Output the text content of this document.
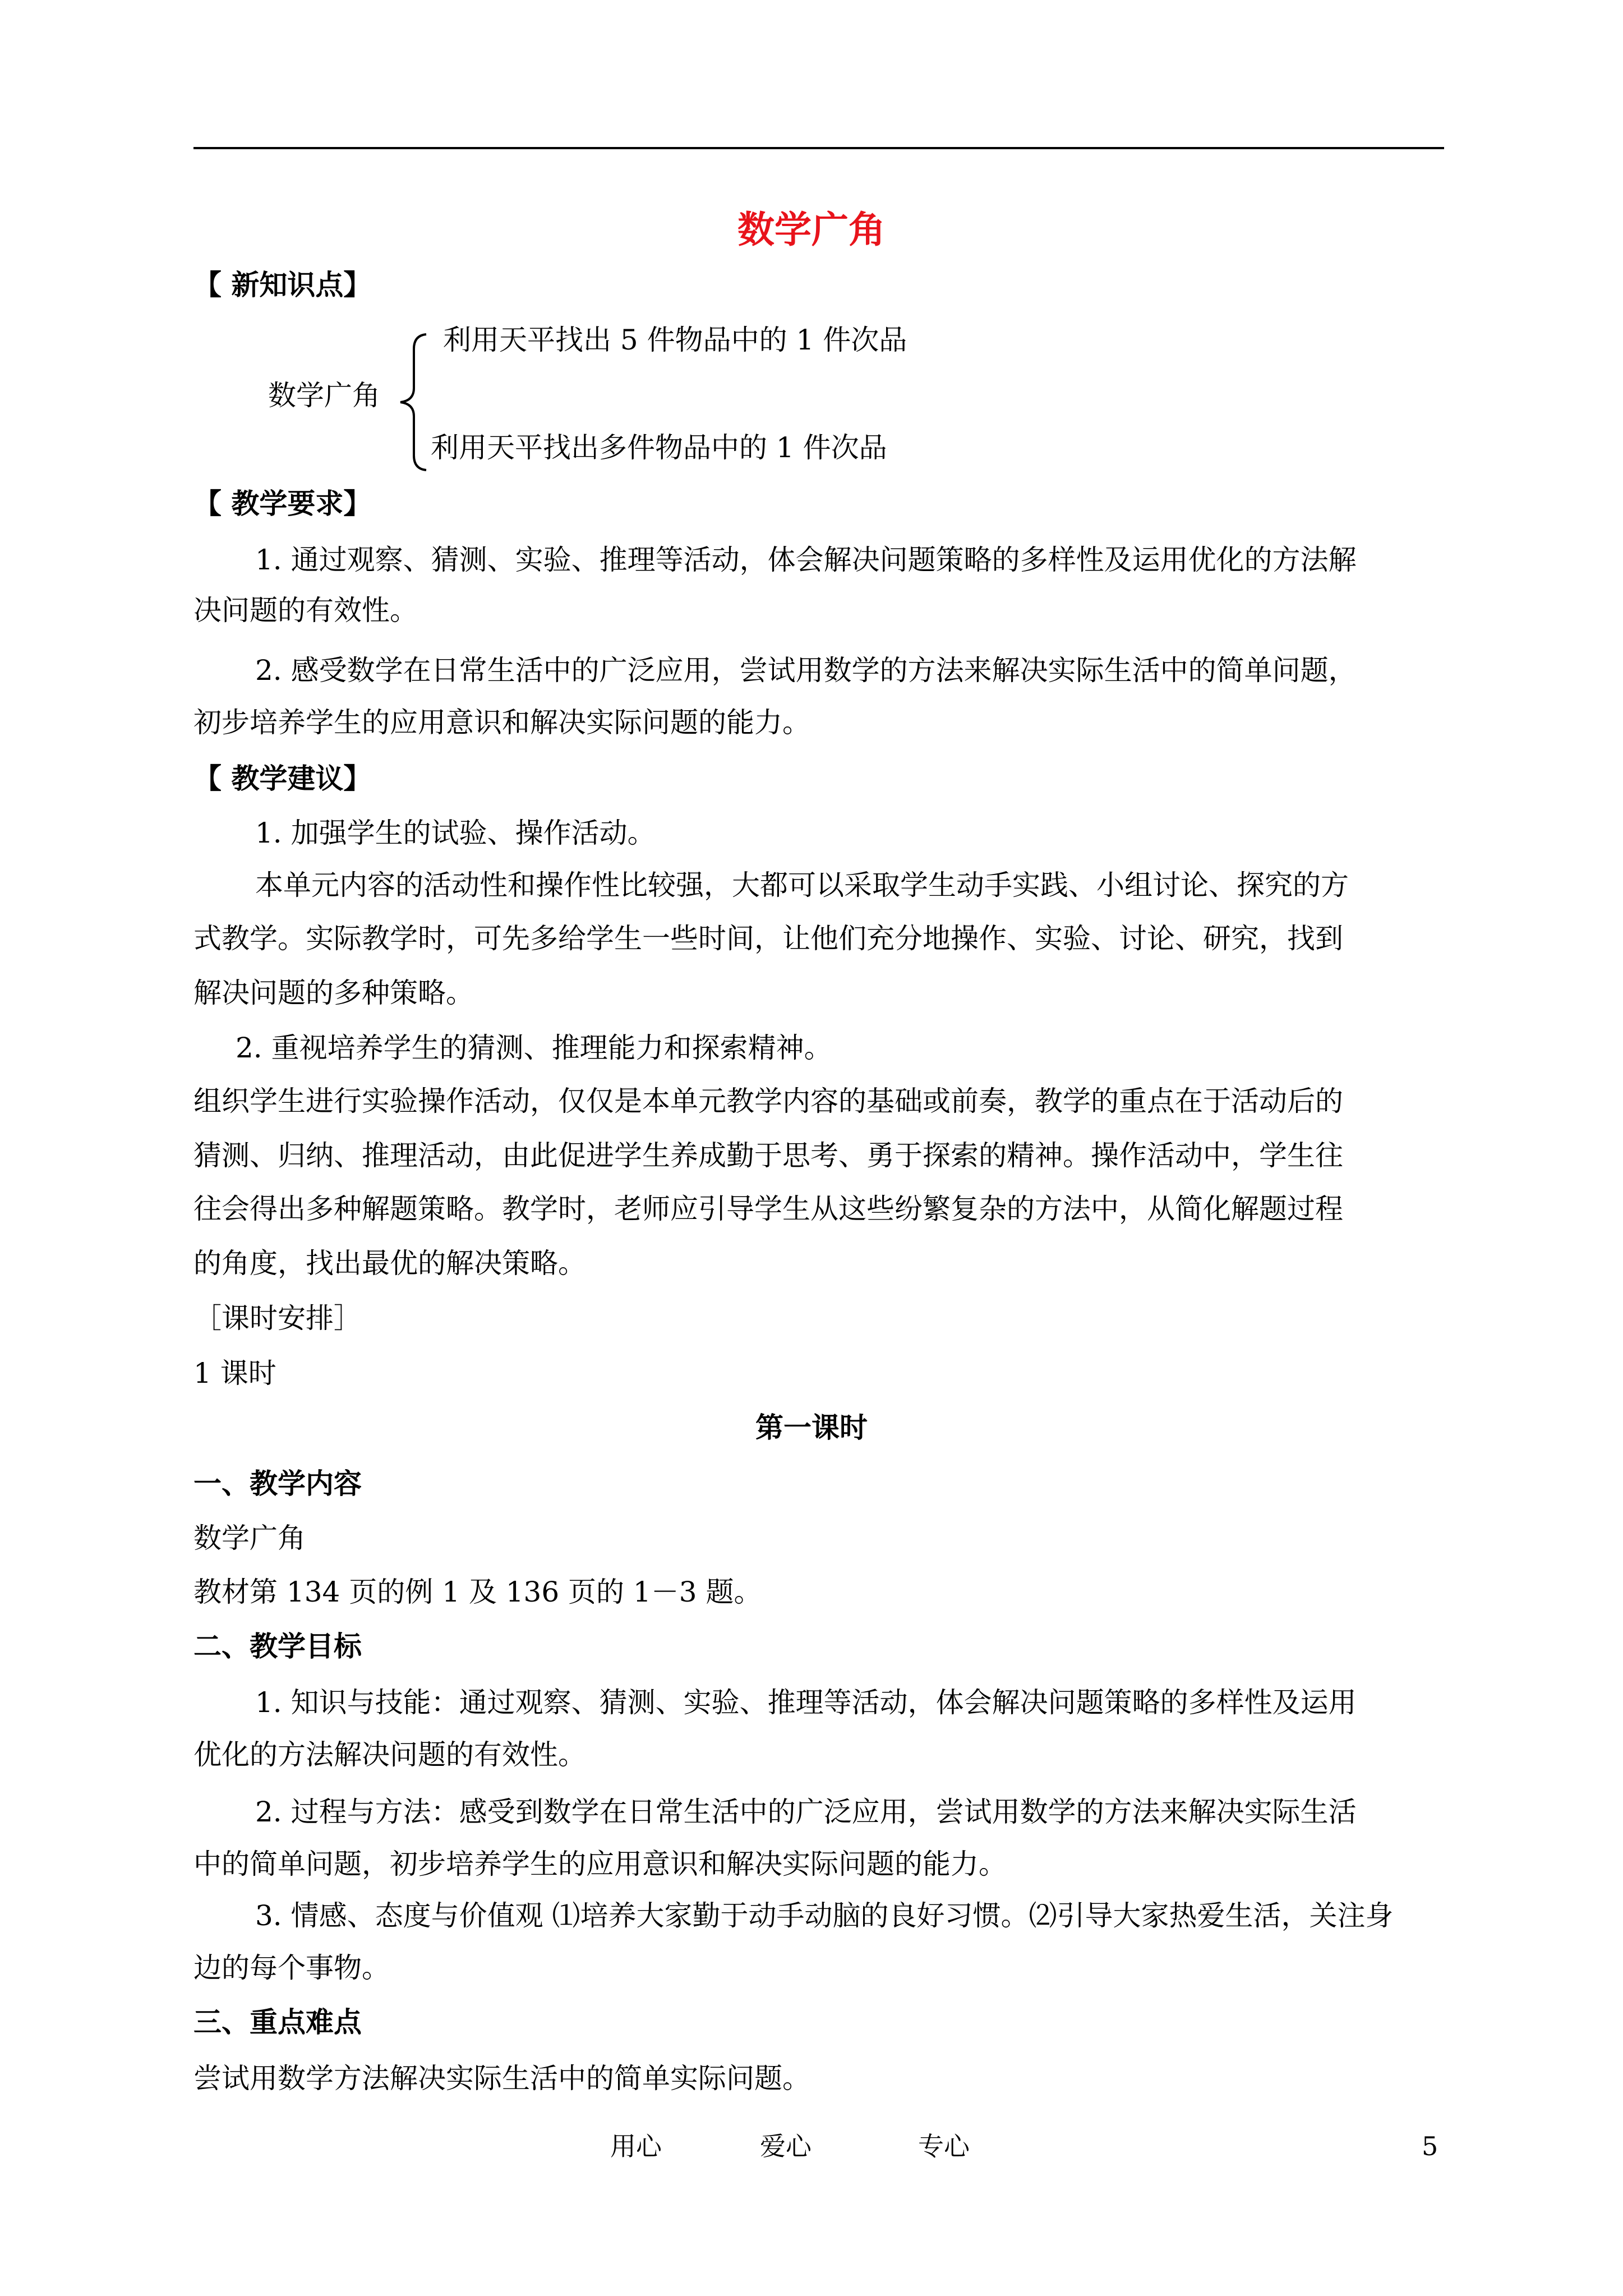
数学广角
【 新知识点】
数学广角
利用天平找出 5 件物品中的 1 件次品
利用天平找出多件物品中的 1 件次品
【 教学要求】
1. 通过观察、猜测、实验、推理等活动，体会解决问题策略的多样性及运用优化的方法解
决问题的有效性。
2. 感受数学在日常生活中的广泛应用，尝试用数学的方法来解决实际生活中的简单问题，
初步培养学生的应用意识和解决实际问题的能力。
【 教学建议】
1. 加强学生的试验、操作活动。
本单元内容的活动性和操作性比较强，大都可以采取学生动手实践、小组讨论、探究的方
式教学。实际教学时，可先多给学生一些时间，让他们充分地操作、实验、讨论、研究，找到
解决问题的多种策略。
2. 重视培养学生的猜测、推理能力和探索精神。
组织学生进行实验操作活动，仅仅是本单元教学内容的基础或前奏，教学的重点在于活动后的
猜测、归纳、推理活动，由此促进学生养成勤于思考、勇于探索的精神。操作活动中，学生往
往会得出多种解题策略。教学时，老师应引导学生从这些纷繁复杂的方法中，从简化解题过程
的角度，找出最优的解决策略。
［课时安排］
1 课时
第一课时
一、教学内容
数学广角
教材第 134 页的例 1 及 136 页的 1－3 题。
二、教学目标
1. 知识与技能：通过观察、猜测、实验、推理等活动，体会解决问题策略的多样性及运用
优化的方法解决问题的有效性。
2. 过程与方法：感受到数学在日常生活中的广泛应用，尝试用数学的方法来解决实际生活
中的简单问题，初步培养学生的应用意识和解决实际问题的能力。
3. 情感、态度与价值观 ⑴培养大家勤于动手动脑的良好习惯。⑵引导大家热爱生活，关注身
边的每个事物。
三、重点难点
尝试用数学方法解决实际生活中的简单实际问题。
用心	爱心	专心	5
